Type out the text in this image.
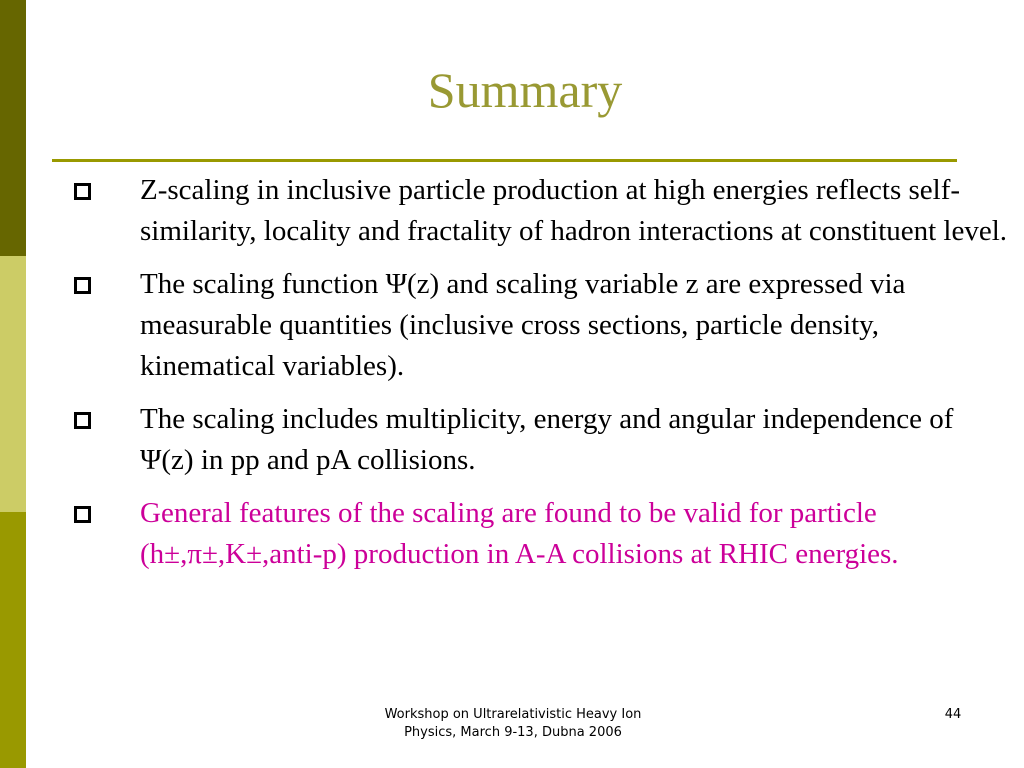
Summary
Z-scaling in inclusive particle production at high energies reflects self-similarity, locality and fractality of hadron interactions at constituent level.
The scaling function Ψ(z) and scaling variable z are expressed via measurable quantities (inclusive cross sections, particle density, kinematical variables).
The scaling includes multiplicity, energy and angular independence of Ψ(z) in pp and pA collisions.
General features of the scaling are found to be valid for particle (h±,π±,K±,anti-p) production in A-A collisions at RHIC energies.
Workshop on Ultrarelativistic Heavy Ion
Physics, March 9-13, Dubna 2006
44
